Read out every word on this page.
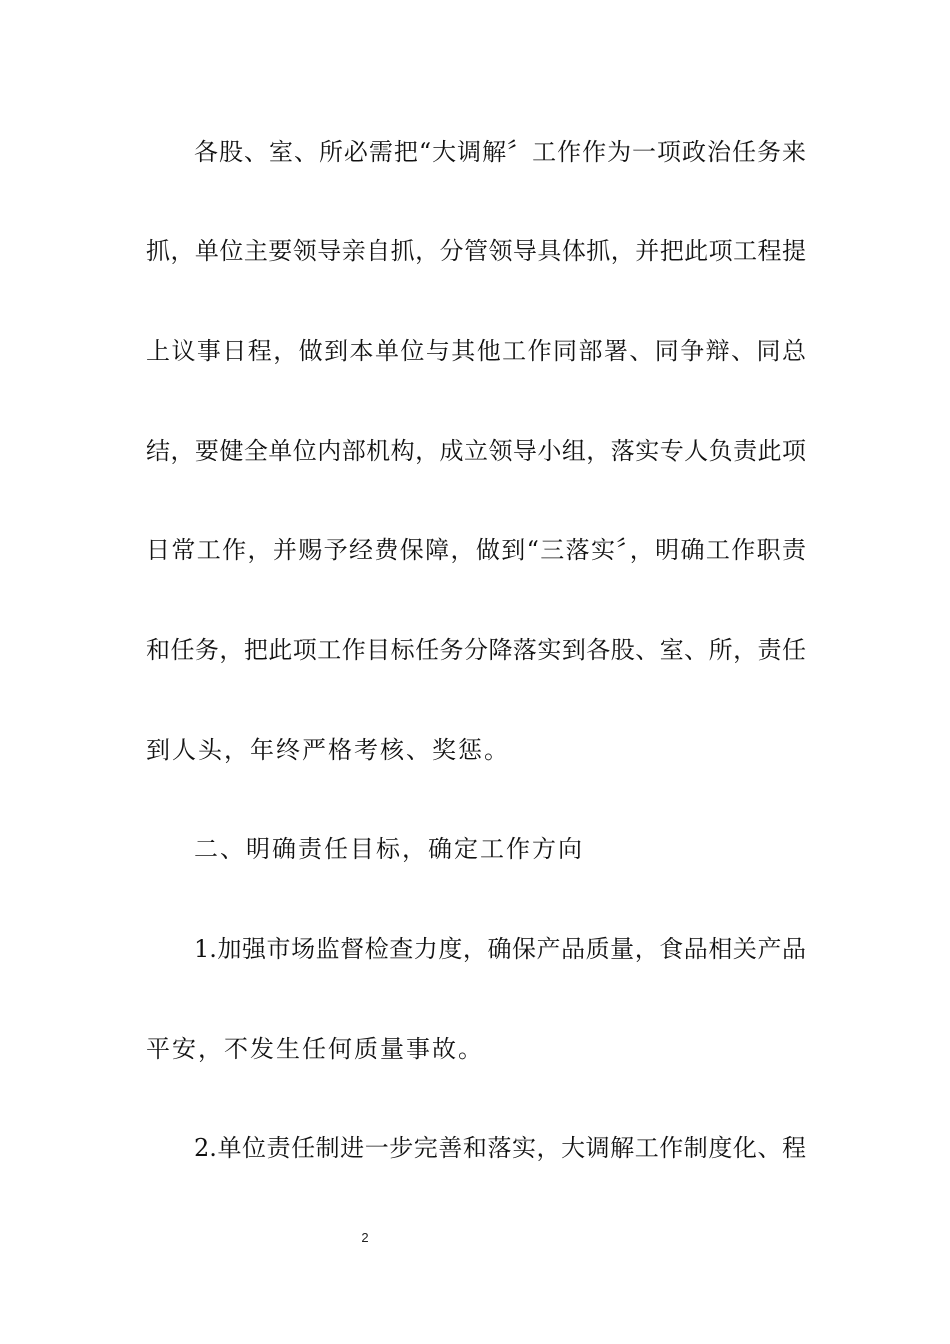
各股、室、所必需把“大调解〞工作作为一项政治任务来
抓，单位主要领导亲自抓，分管领导具体抓，并把此项工程提
上议事日程，做到本单位与其他工作同部署、同争辩、同总
结，要健全单位内部机构，成立领导小组，落实专人负责此项
日常工作，并赐予经费保障，做到“三落实〞，明确工作职责
和任务，把此项工作目标任务分降落实到各股、室、所，责任
到人头，年终严格考核、奖惩。
二、明确责任目标，确定工作方向
1.加强市场监督检查力度，确保产品质量，食品相关产品
平安，不发生任何质量事故。
2.单位责任制进一步完善和落实，大调解工作制度化、程
2
